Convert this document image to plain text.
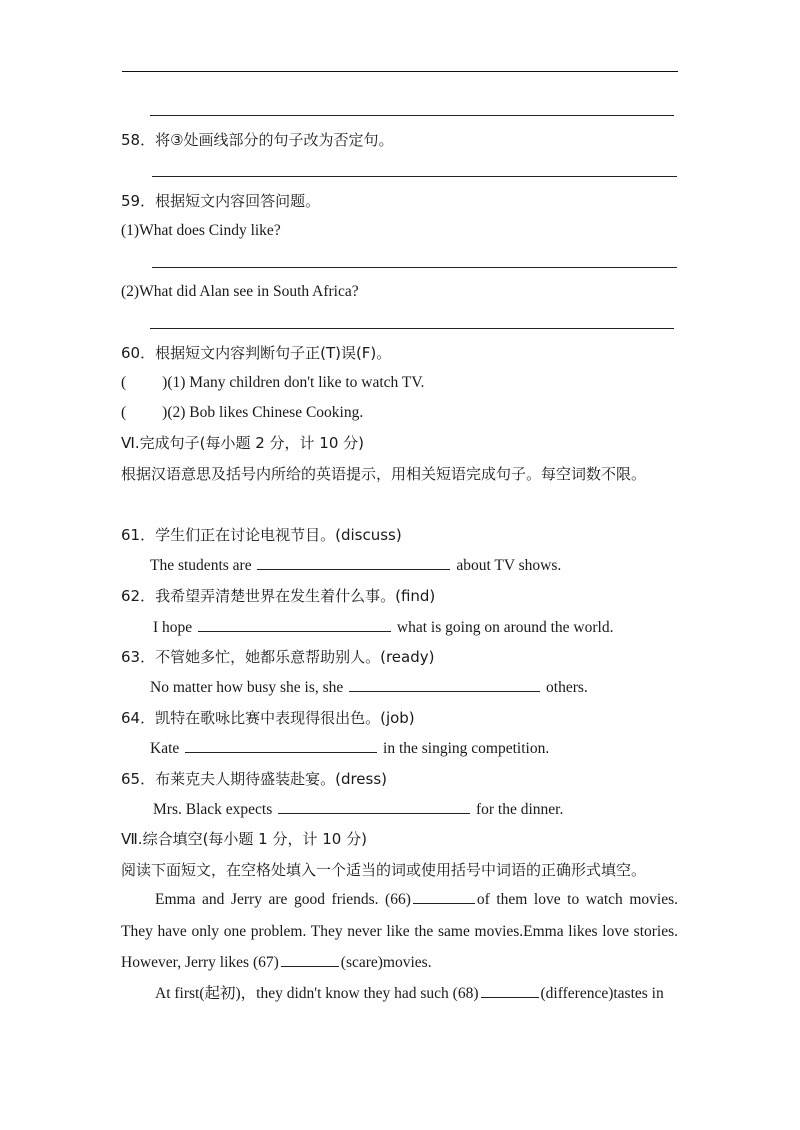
58．将③处画线部分的句子改为否定句。
59．根据短文内容回答问题。
(1)What does Cindy like?
(2)What did Alan see in South Africa?
60．根据短文内容判断句子正(T)误(F)。
( )(1) Many children don't like to watch TV.
( )(2) Bob likes Chinese Cooking.
Ⅵ.完成句子(每小题 2 分，计 10 分)
根据汉语意思及括号内所给的英语提示，用相关短语完成句子。每空词数不限。
61．学生们正在讨论电视节目。(discuss)
The students are	about TV shows.
62．我希望弄清楚世界在发生着什么事。(find)
I hope	what is going on around the world.
63．不管她多忙，她都乐意帮助别人。(ready)
No matter how busy she is, she	others.
64．凯特在歌咏比赛中表现得很出色。(job)
Kate	in the singing competition.
65．布莱克夫人期待盛装赴宴。(dress)
Mrs. Black expects	for the dinner.
Ⅶ.综合填空(每小题 1 分，计 10 分)
阅读下面短文，在空格处填入一个适当的词或使用括号中词语的正确形式填空。
Emma and Jerry are good friends. (66)	of them love to watch movies. They have only one problem. They never like the same movies.Emma likes love stories. However, Jerry likes (67)	(scare)movies.
At first(起初)，they didn't know they had such (68)	(difference)tastes in
